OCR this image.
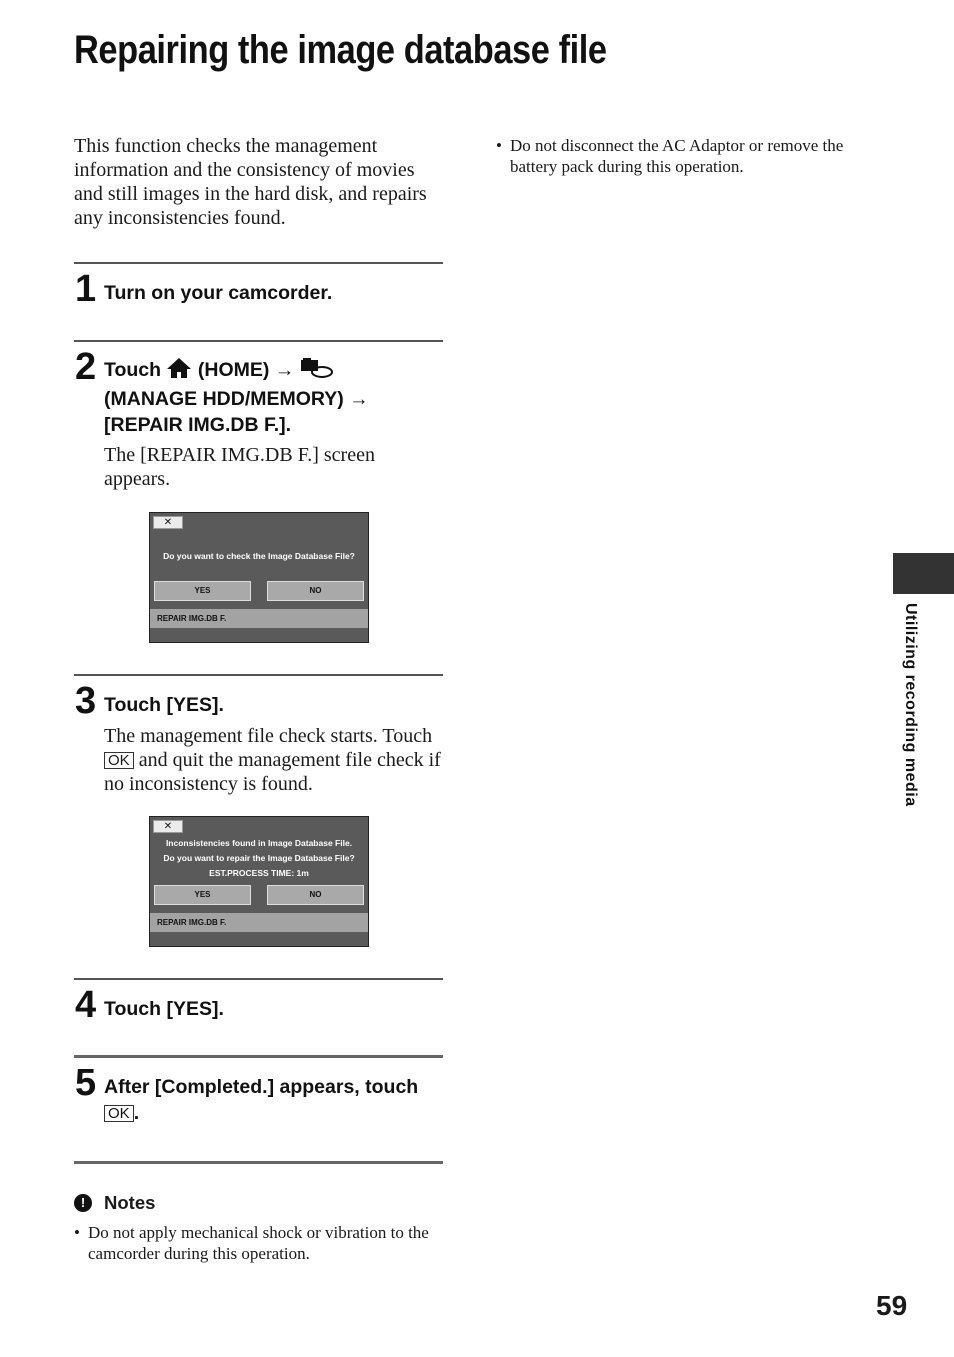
Repairing the image database file
This function checks the management information and the consistency of movies and still images in the hard disk, and repairs any inconsistencies found.
• Do not disconnect the AC Adaptor or remove the battery pack during this operation.
1 Turn on your camcorder.
2 Touch (HOME) →
(MANAGE HDD/MEMORY) →
[REPAIR IMG.DB F.].
The [REPAIR IMG.DB F.] screen appears.
✕
Do you want to check the Image Database File?
YES	NO
REPAIR IMG.DB F.
3 Touch [YES].
The management file check starts. Touch OK and quit the management file check if no inconsistency is found.
✕
Inconsistencies found in Image Database File.
Do you want to repair the Image Database File?
EST.PROCESS TIME: 1m
YES	NO
REPAIR IMG.DB F.
4 Touch [YES].
5 After [Completed.] appears, touch
OK .
!	Notes
• Do not apply mechanical shock or vibration to the camcorder during this operation.
Utilizing recording media
59
